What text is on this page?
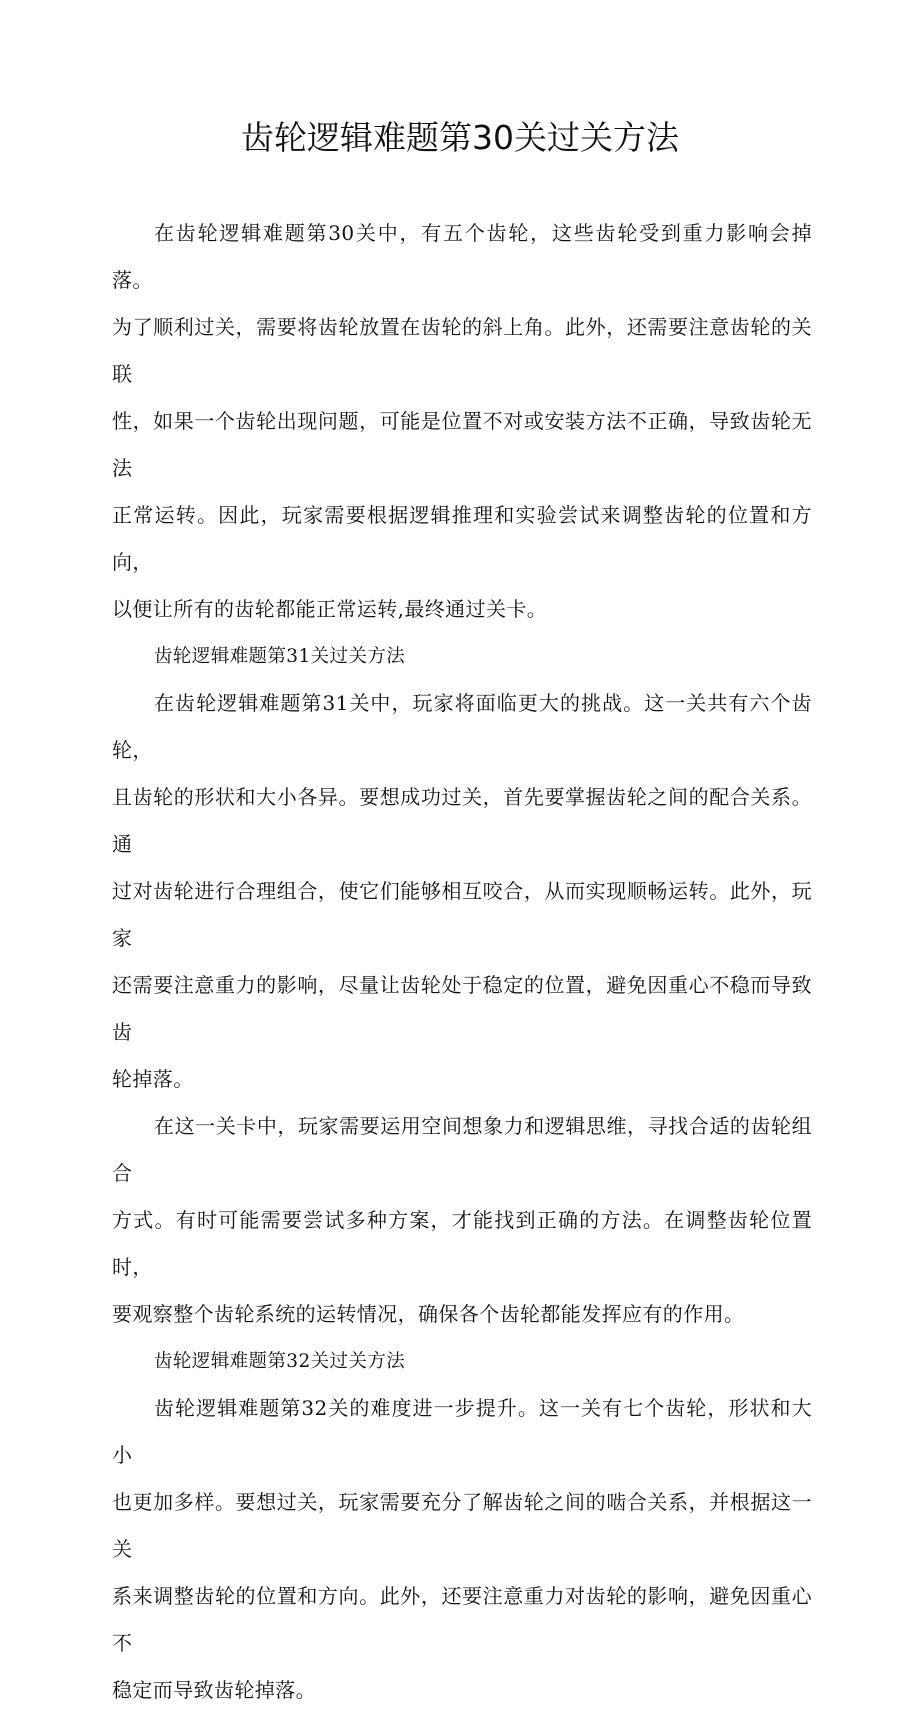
齿轮逻辑难题第30关过关方法

在齿轮逻辑难题第30关中，有五个齿轮，这些齿轮受到重力影响会掉落。
为了顺利过关，需要将齿轮放置在齿轮的斜上角。此外，还需要注意齿轮的关联
性，如果一个齿轮出现问题，可能是位置不对或安装方法不正确，导致齿轮无法
正常运转。因此，玩家需要根据逻辑推理和实验尝试来调整齿轮的位置和方向，
以便让所有的齿轮都能正常运转,最终通过关卡。

齿轮逻辑难题第31关过关方法

在齿轮逻辑难题第31关中，玩家将面临更大的挑战。这一关共有六个齿轮，
且齿轮的形状和大小各异。要想成功过关，首先要掌握齿轮之间的配合关系。通
过对齿轮进行合理组合，使它们能够相互咬合，从而实现顺畅运转。此外，玩家
还需要注意重力的影响，尽量让齿轮处于稳定的位置，避免因重心不稳而导致齿
轮掉落。

在这一关卡中，玩家需要运用空间想象力和逻辑思维，寻找合适的齿轮组合
方式。有时可能需要尝试多种方案，才能找到正确的方法。在调整齿轮位置时，
要观察整个齿轮系统的运转情况，确保各个齿轮都能发挥应有的作用。

齿轮逻辑难题第32关过关方法

齿轮逻辑难题第32关的难度进一步提升。这一关有七个齿轮，形状和大小
也更加多样。要想过关，玩家需要充分了解齿轮之间的啮合关系，并根据这一关
系来调整齿轮的位置和方向。此外，还要注意重力对齿轮的影响，避免因重心不
稳定而导致齿轮掉落。
